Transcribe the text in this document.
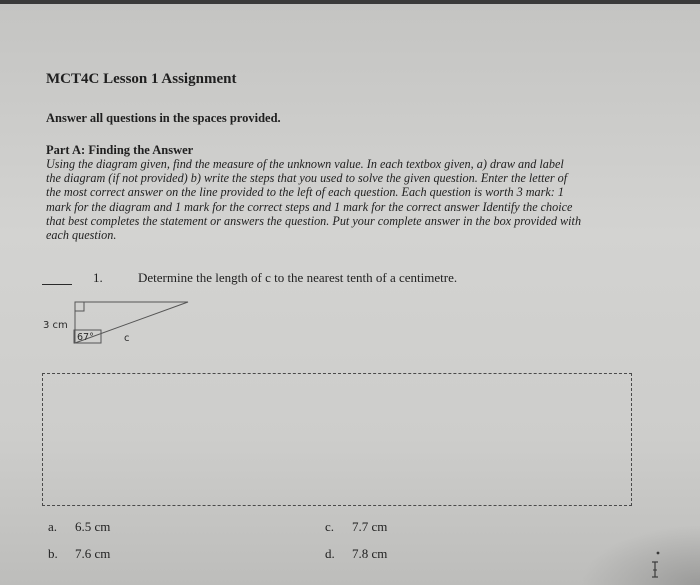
MCT4C Lesson 1 Assignment

Answer all questions in the spaces provided.

Part A: Finding the Answer

Using the diagram given, find the measure of the unknown value. In each textbox given, a) draw and label
the diagram (if not provided) b) write the steps that you used to solve the given question. Enter the letter of
the most correct answer on the line provided to the left of each question. Each question is worth 3 mark: 1
mark for the diagram and 1 mark for the correct steps and 1 mark for the correct answer Identify the choice
that best completes the statement or answers the question. Put your complete answer in the box provided with
each question.
1.	Determine the length of c to the nearest tenth of a centimetre.
3 cm
67°	c
a. 6.5 cm
b. 7.6 cm
c. 7.7 cm
d. 7.8 cm
